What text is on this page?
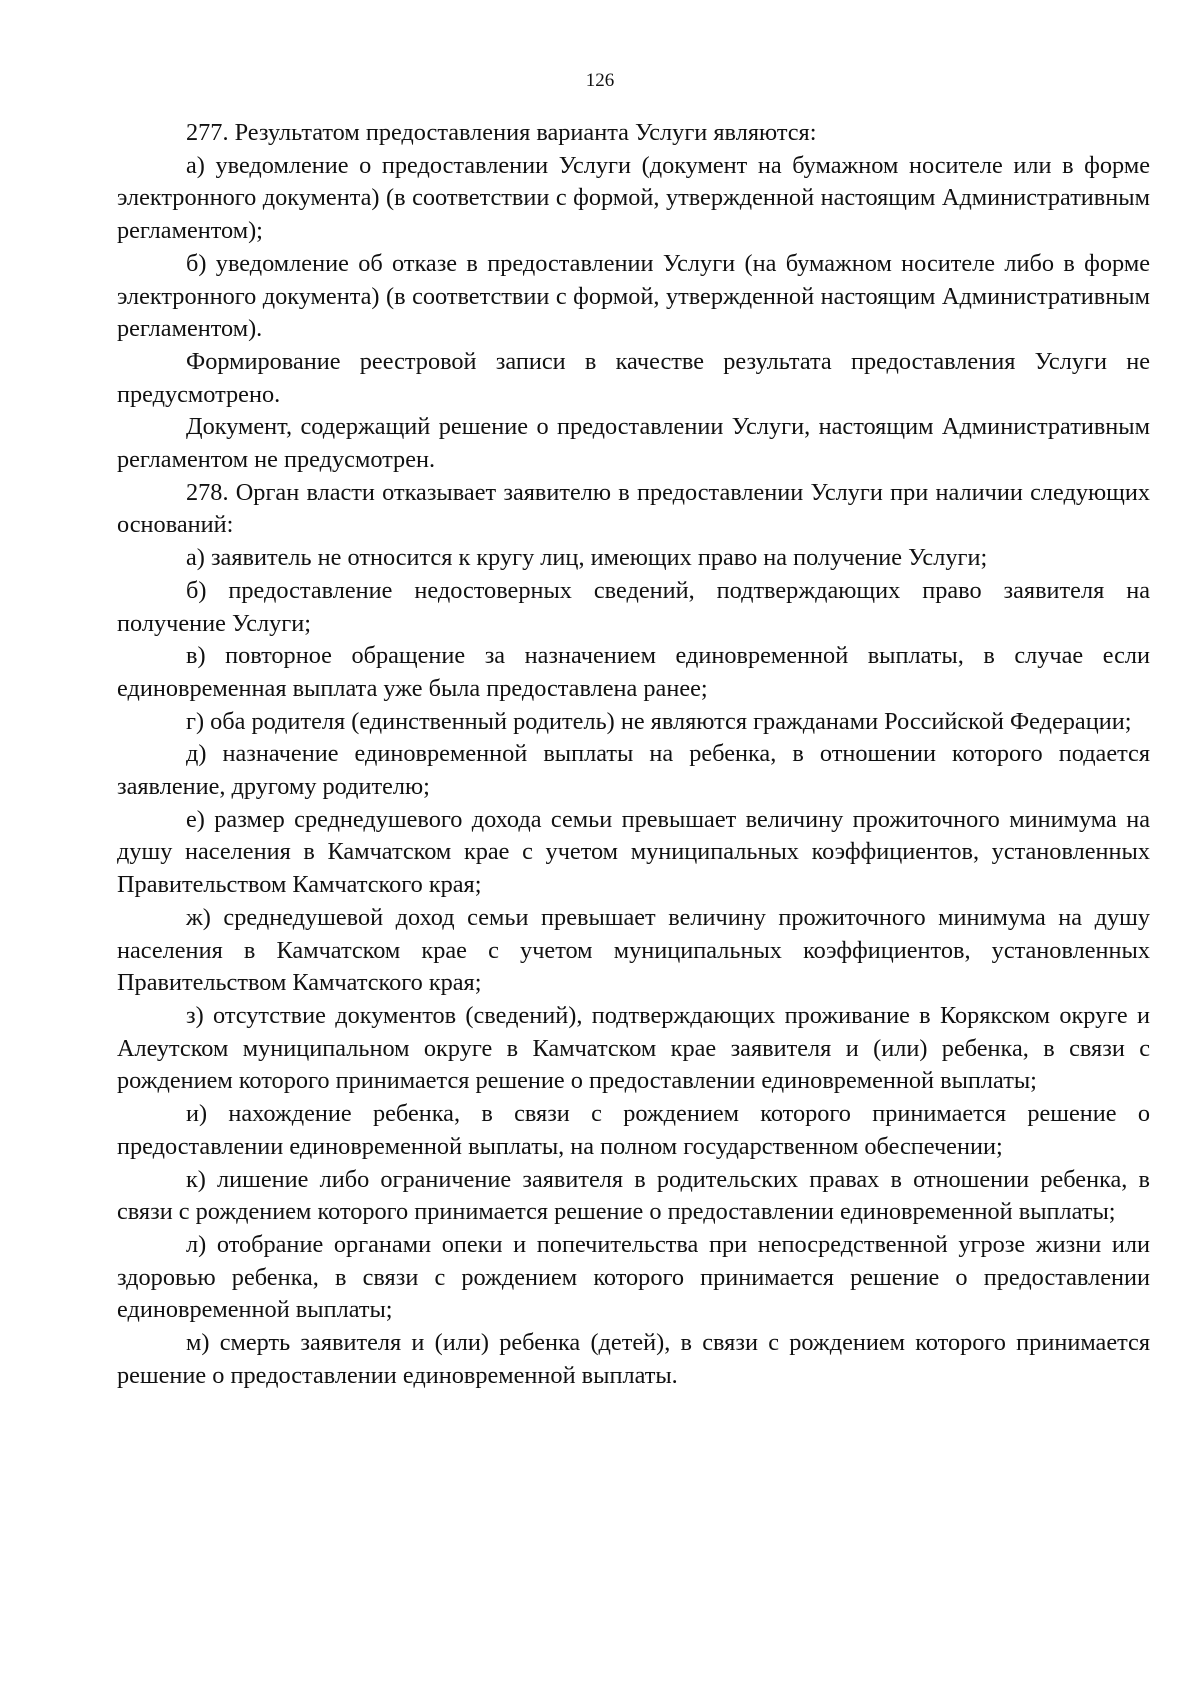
126

277. Результатом предоставления варианта Услуги являются:

а) уведомление о предоставлении Услуги (документ на бумажном носителе или в форме электронного документа) (в соответствии с формой, утвержденной настоящим Административным регламентом);

б) уведомление об отказе в предоставлении Услуги (на бумажном носителе либо в форме электронного документа) (в соответствии с формой, утвержденной настоящим Административным регламентом).

Формирование реестровой записи в качестве результата предоставления Услуги не предусмотрено.

Документ, содержащий решение о предоставлении Услуги, настоящим Административным регламентом не предусмотрен.

278. Орган власти отказывает заявителю в предоставлении Услуги при наличии следующих оснований:

а) заявитель не относится к кругу лиц, имеющих право на получение Услуги;

б) предоставление недостоверных сведений, подтверждающих право заявителя на получение Услуги;

в) повторное обращение за назначением единовременной выплаты, в случае если единовременная выплата уже была предоставлена ранее;

г) оба родителя (единственный родитель) не являются гражданами Российской Федерации;

д) назначение единовременной выплаты на ребенка, в отношении которого подается заявление, другому родителю;

е) размер среднедушевого дохода семьи превышает величину прожиточного минимума на душу населения в Камчатском крае с учетом муниципальных коэффициентов, установленных Правительством Камчатского края;

ж) среднедушевой доход семьи превышает величину прожиточного минимума на душу населения в Камчатском крае с учетом муниципальных коэффициентов, установленных Правительством Камчатского края;

з) отсутствие документов (сведений), подтверждающих проживание в Корякском округе и Алеутском муниципальном округе в Камчатском крае заявителя и (или) ребенка, в связи с рождением которого принимается решение о предоставлении единовременной выплаты;

и) нахождение ребенка, в связи с рождением которого принимается решение о предоставлении единовременной выплаты, на полном государственном обеспечении;

к) лишение либо ограничение заявителя в родительских правах в отношении ребенка, в связи с рождением которого принимается решение о предоставлении единовременной выплаты;

л) отобрание органами опеки и попечительства при непосредственной угрозе жизни или здоровью ребенка, в связи с рождением которого принимается решение о предоставлении единовременной выплаты;

м) смерть заявителя и (или) ребенка (детей), в связи с рождением которого принимается решение о предоставлении единовременной выплаты.
